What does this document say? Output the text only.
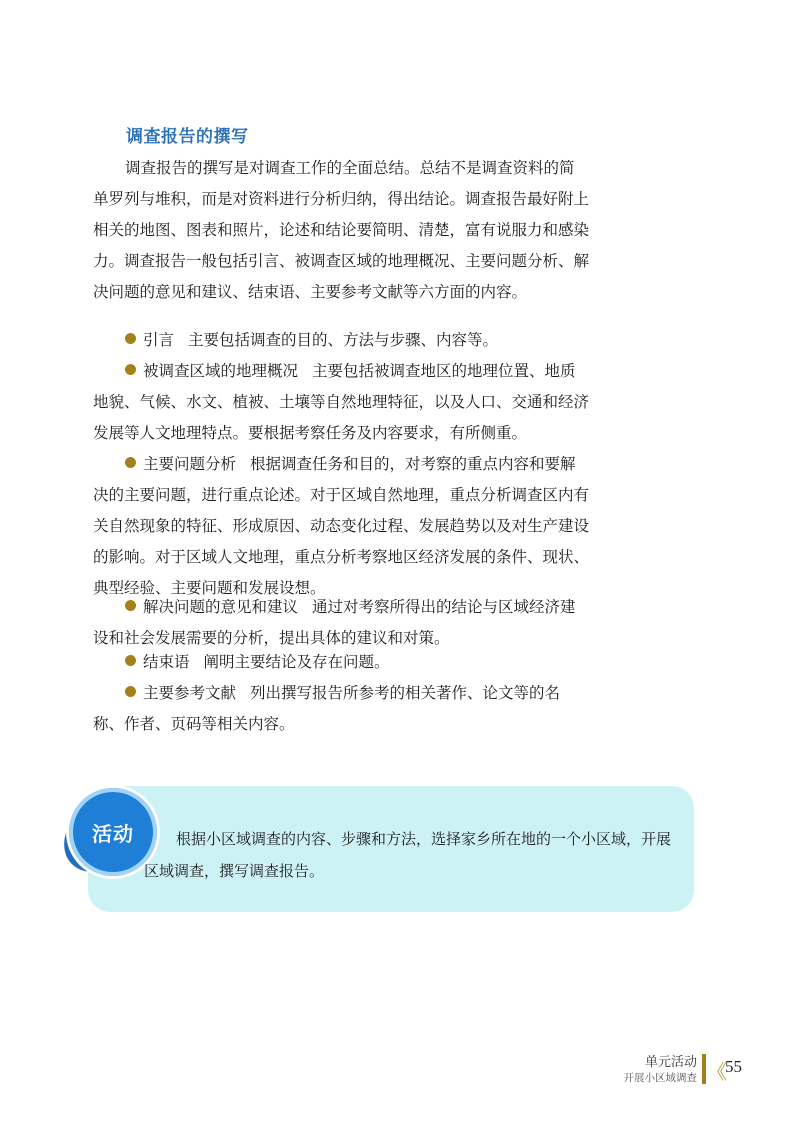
调查报告的撰写
调查报告的撰写是对调查工作的全面总结。总结不是调查资料的简单罗列与堆积，而是对资料进行分析归纳，得出结论。调查报告最好附上相关的地图、图表和照片，论述和结论要简明、清楚，富有说服力和感染力。调查报告一般包括引言、被调查区域的地理概况、主要问题分析、解决问题的意见和建议、结束语、主要参考文献等六方面的内容。
引言 主要包括调查的目的、方法与步骤、内容等。
被调查区域的地理概况 主要包括被调查地区的地理位置、地质地貌、气候、水文、植被、土壤等自然地理特征，以及人口、交通和经济发展等人文地理特点。要根据考察任务及内容要求，有所侧重。
主要问题分析 根据调查任务和目的，对考察的重点内容和要解决的主要问题，进行重点论述。对于区域自然地理，重点分析调查区内有关自然现象的特征、形成原因、动态变化过程、发展趋势以及对生产建设的影响。对于区域人文地理，重点分析考察地区经济发展的条件、现状、典型经验、主要问题和发展设想。
解决问题的意见和建议 通过对考察所得出的结论与区域经济建设和社会发展需要的分析，提出具体的建议和对策。
结束语 阐明主要结论及存在问题。
主要参考文献 列出撰写报告所参考的相关著作、论文等的名称、作者、页码等相关内容。
活动	根据小区域调查的内容、步骤和方法，选择家乡所在地的一个小区域，开展区域调查，撰写调查报告。
单元活动
开展小区域调查 《
55
